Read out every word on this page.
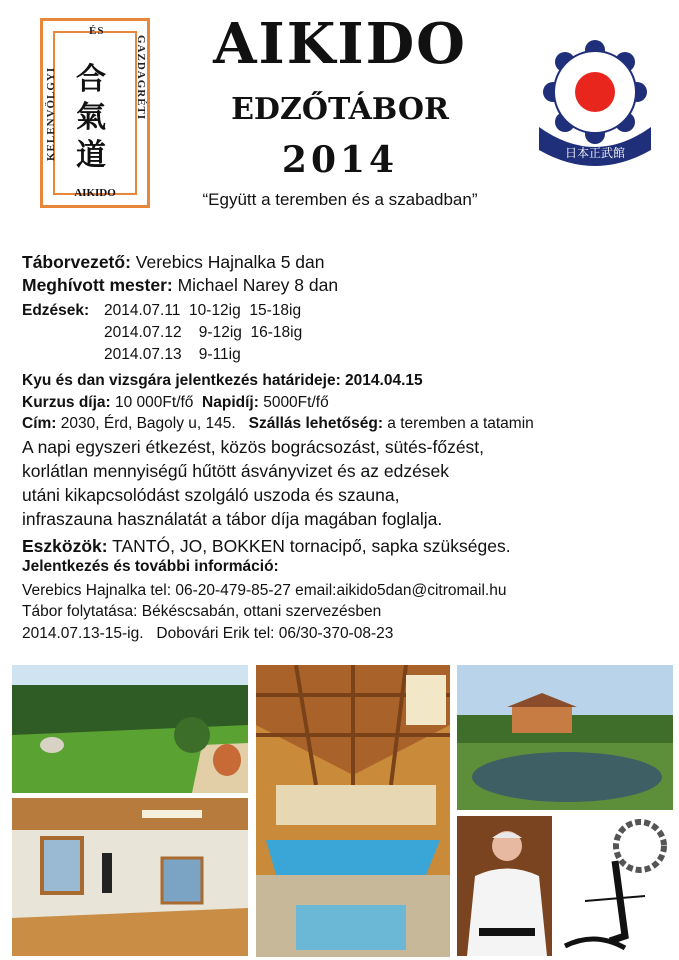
KELENVÖLGYI
ÉS
GAZDAGRÉTI
合氣道
AIKIDO
AIKIDO
EDZŐTÁBOR
2014
“Együtt a teremben és a szabadban”
日本正武館
Táborvezető: Verebics Hajnalka 5 dan
Meghívott mester: Michael Narey 8 dan
Edzések: 2014.07.11  10-12ig  15-18ig
2014.07.12    9-12ig  16-18ig
2014.07.13    9-11ig
Kyu és dan vizsgára jelentkezés határideje: 2014.04.15
Kurzus díja: 10 000Ft/fő  Napidíj: 5000Ft/fő
Cím: 2030, Érd, Bagoly u, 145.   Szállás lehetőség: a teremben a tatamin
A napi egyszeri étkezést, közös bográcsozást, sütés-főzést,
korlátlan mennyiségű hűtött ásványvizet és az edzések
utáni kikapcsolódást szolgáló uszoda és szauna,
infraszauna használatát a tábor díja magában foglalja.
Eszközök: TANTÓ, JO, BOKKEN tornacipő, sapka szükséges.
Jelentkezés és további információ:
Verebics Hajnalka tel: 06-20-479-85-27 email:aikido5dan@citromail.hu
Tábor folytatása: Békéscsabán, ottani szervezésben
2014.07.13-15-ig.   Dobovári Erik tel: 06/30-370-08-23
